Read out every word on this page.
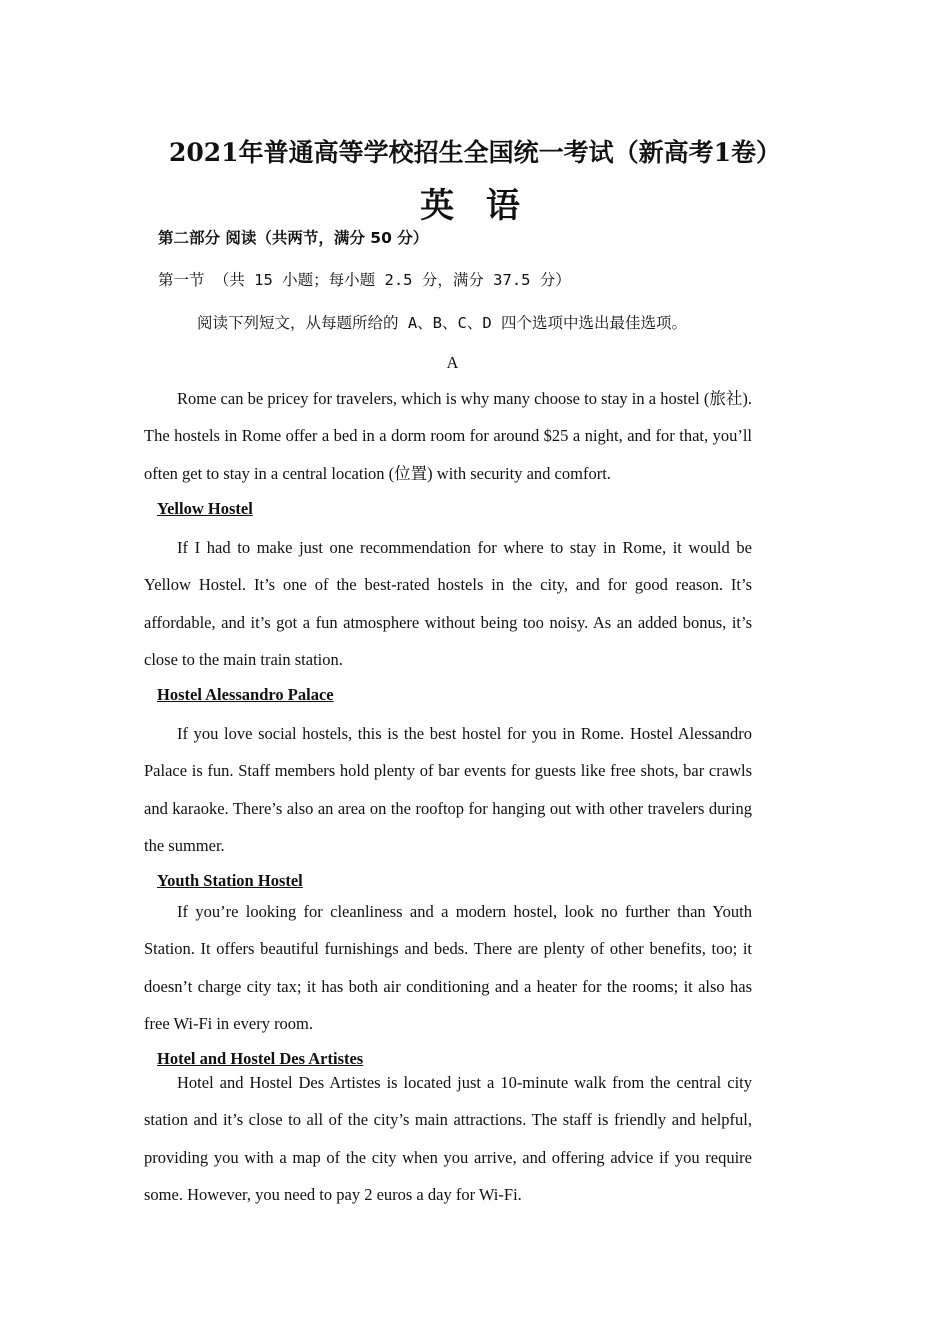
2021年普通高等学校招生全国统一考试（新高考1卷）
英 语
第二部分 阅读（共两节，满分 50 分）
第一节 （共 15 小题；每小题 2.5 分，满分 37.5 分）
阅读下列短文，从每题所给的 A、B、C、D 四个选项中选出最佳选项。
A

Rome can be pricey for travelers, which is why many choose to stay in a hostel (旅社). The hostels in Rome offer a bed in a dorm room for around $25 a night, and for that, you’ll often get to stay in a central location (位置) with security and comfort.

Yellow Hostel

If I had to make just one recommendation for where to stay in Rome, it would be Yellow Hostel. It’s one of the best-rated hostels in the city, and for good reason. It’s affordable, and it’s got a fun atmosphere without being too noisy. As an added bonus, it’s close to the main train station.

Hostel Alessandro Palace

If you love social hostels, this is the best hostel for you in Rome. Hostel Alessandro Palace is fun. Staff members hold plenty of bar events for guests like free shots, bar crawls and karaoke. There’s also an area on the rooftop for hanging out with other travelers during the summer.

Youth Station Hostel

If you’re looking for cleanliness and a modern hostel, look no further than Youth Station. It offers beautiful furnishings and beds. There are plenty of other benefits, too; it doesn’t charge city tax; it has both air conditioning and a heater for the rooms; it also has free Wi-Fi in every room.

Hotel and Hostel Des Artistes

Hotel and Hostel Des Artistes is located just a 10-minute walk from the central city station and it’s close to all of the city’s main attractions. The staff is friendly and helpful, providing you with a map of the city when you arrive, and offering advice if you require some. However, you need to pay 2 euros a day for Wi-Fi.
